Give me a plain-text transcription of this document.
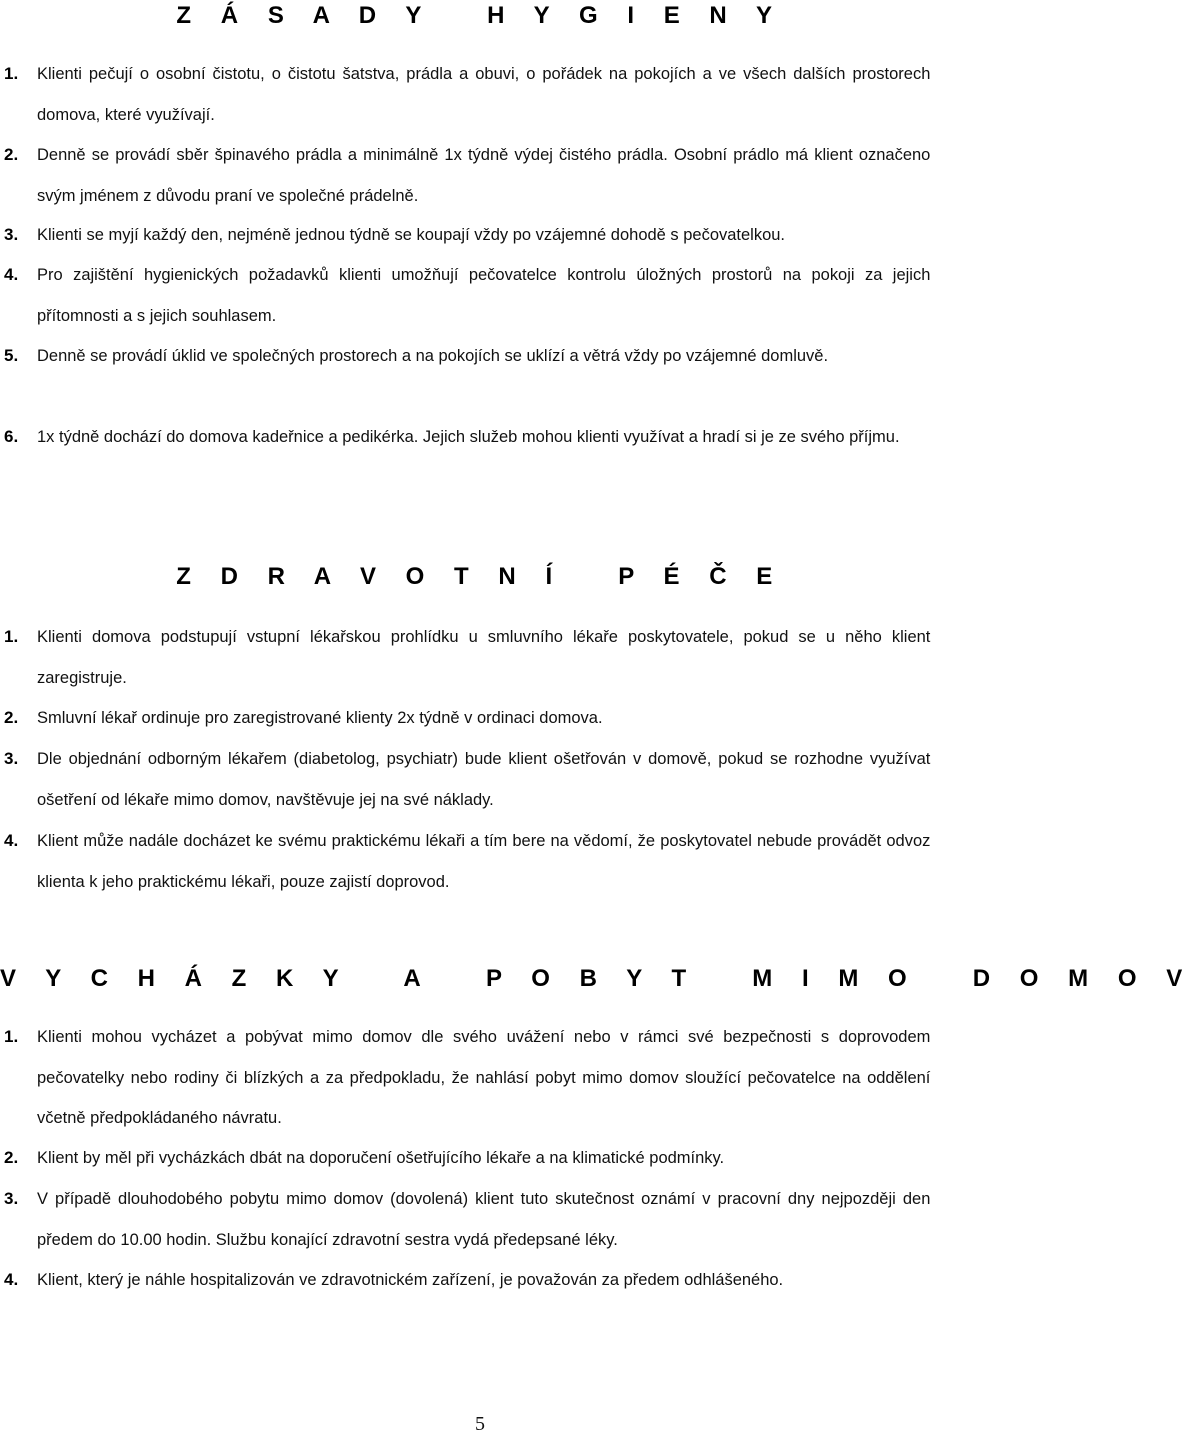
Z Á S A D Y   H Y G I E N Y
1. Klienti pečují o osobní čistotu, o čistotu šatstva, prádla a obuvi, o pořádek na pokojích a ve všech dalších prostorech domova, které využívají.
2. Denně se provádí sběr špinavého prádla a minimálně 1x týdně výdej čistého prádla. Osobní prádlo má klient označeno svým jménem z důvodu praní ve společné prádelně.
3. Klienti se myjí každý den, nejméně jednou týdně se koupají vždy po vzájemné dohodě s pečovatelkou.
4. Pro zajištění hygienických požadavků klienti umožňují pečovatelce kontrolu úložných prostorů na pokoji za jejich přítomnosti a s jejich souhlasem.
5. Denně se provádí úklid ve společných prostorech a na pokojích se uklízí a větrá vždy po vzájemné domluvě.
6. 1x týdně dochází do domova kadeřnice a pedikérka. Jejich služeb mohou klienti využívat a hradí si je ze svého příjmu.
Z D R A V O T N Í   P É Č E
1. Klienti domova podstupují vstupní lékařskou prohlídku u smluvního lékaře poskytovatele, pokud se u něho klient zaregistruje.
2. Smluvní lékař ordinuje pro zaregistrované klienty 2x týdně v ordinaci domova.
3. Dle objednání odborným lékařem (diabetolog, psychiatr) bude klient ošetřován v domově, pokud se rozhodne využívat ošetření od lékaře mimo domov, navštěvuje jej na své náklady.
4. Klient může nadále docházet ke svému praktickému lékaři a tím bere na vědomí, že poskytovatel nebude provádět odvoz klienta k jeho praktickému lékaři, pouze zajistí doprovod.
V Y C H Á Z K Y   A   P O B Y T   M I M O   D O M O V
1. Klienti mohou vycházet a pobývat mimo domov dle svého uvážení nebo v rámci své bezpečnosti s doprovodem pečovatelky nebo rodiny či blízkých a za předpokladu, že nahlásí pobyt mimo domov sloužící pečovatelce na oddělení včetně předpokládaného návratu.
2. Klient by měl při vycházkách dbát na doporučení ošetřujícího lékaře a na klimatické podmínky.
3. V případě dlouhodobého pobytu mimo domov (dovolená) klient tuto skutečnost oznámí v pracovní dny nejpozději den předem do 10.00 hodin. Službu konající zdravotní sestra vydá předepsané léky.
4. Klient, který je náhle hospitalizován ve zdravotnickém zařízení, je považován za předem odhlášeného.
5
